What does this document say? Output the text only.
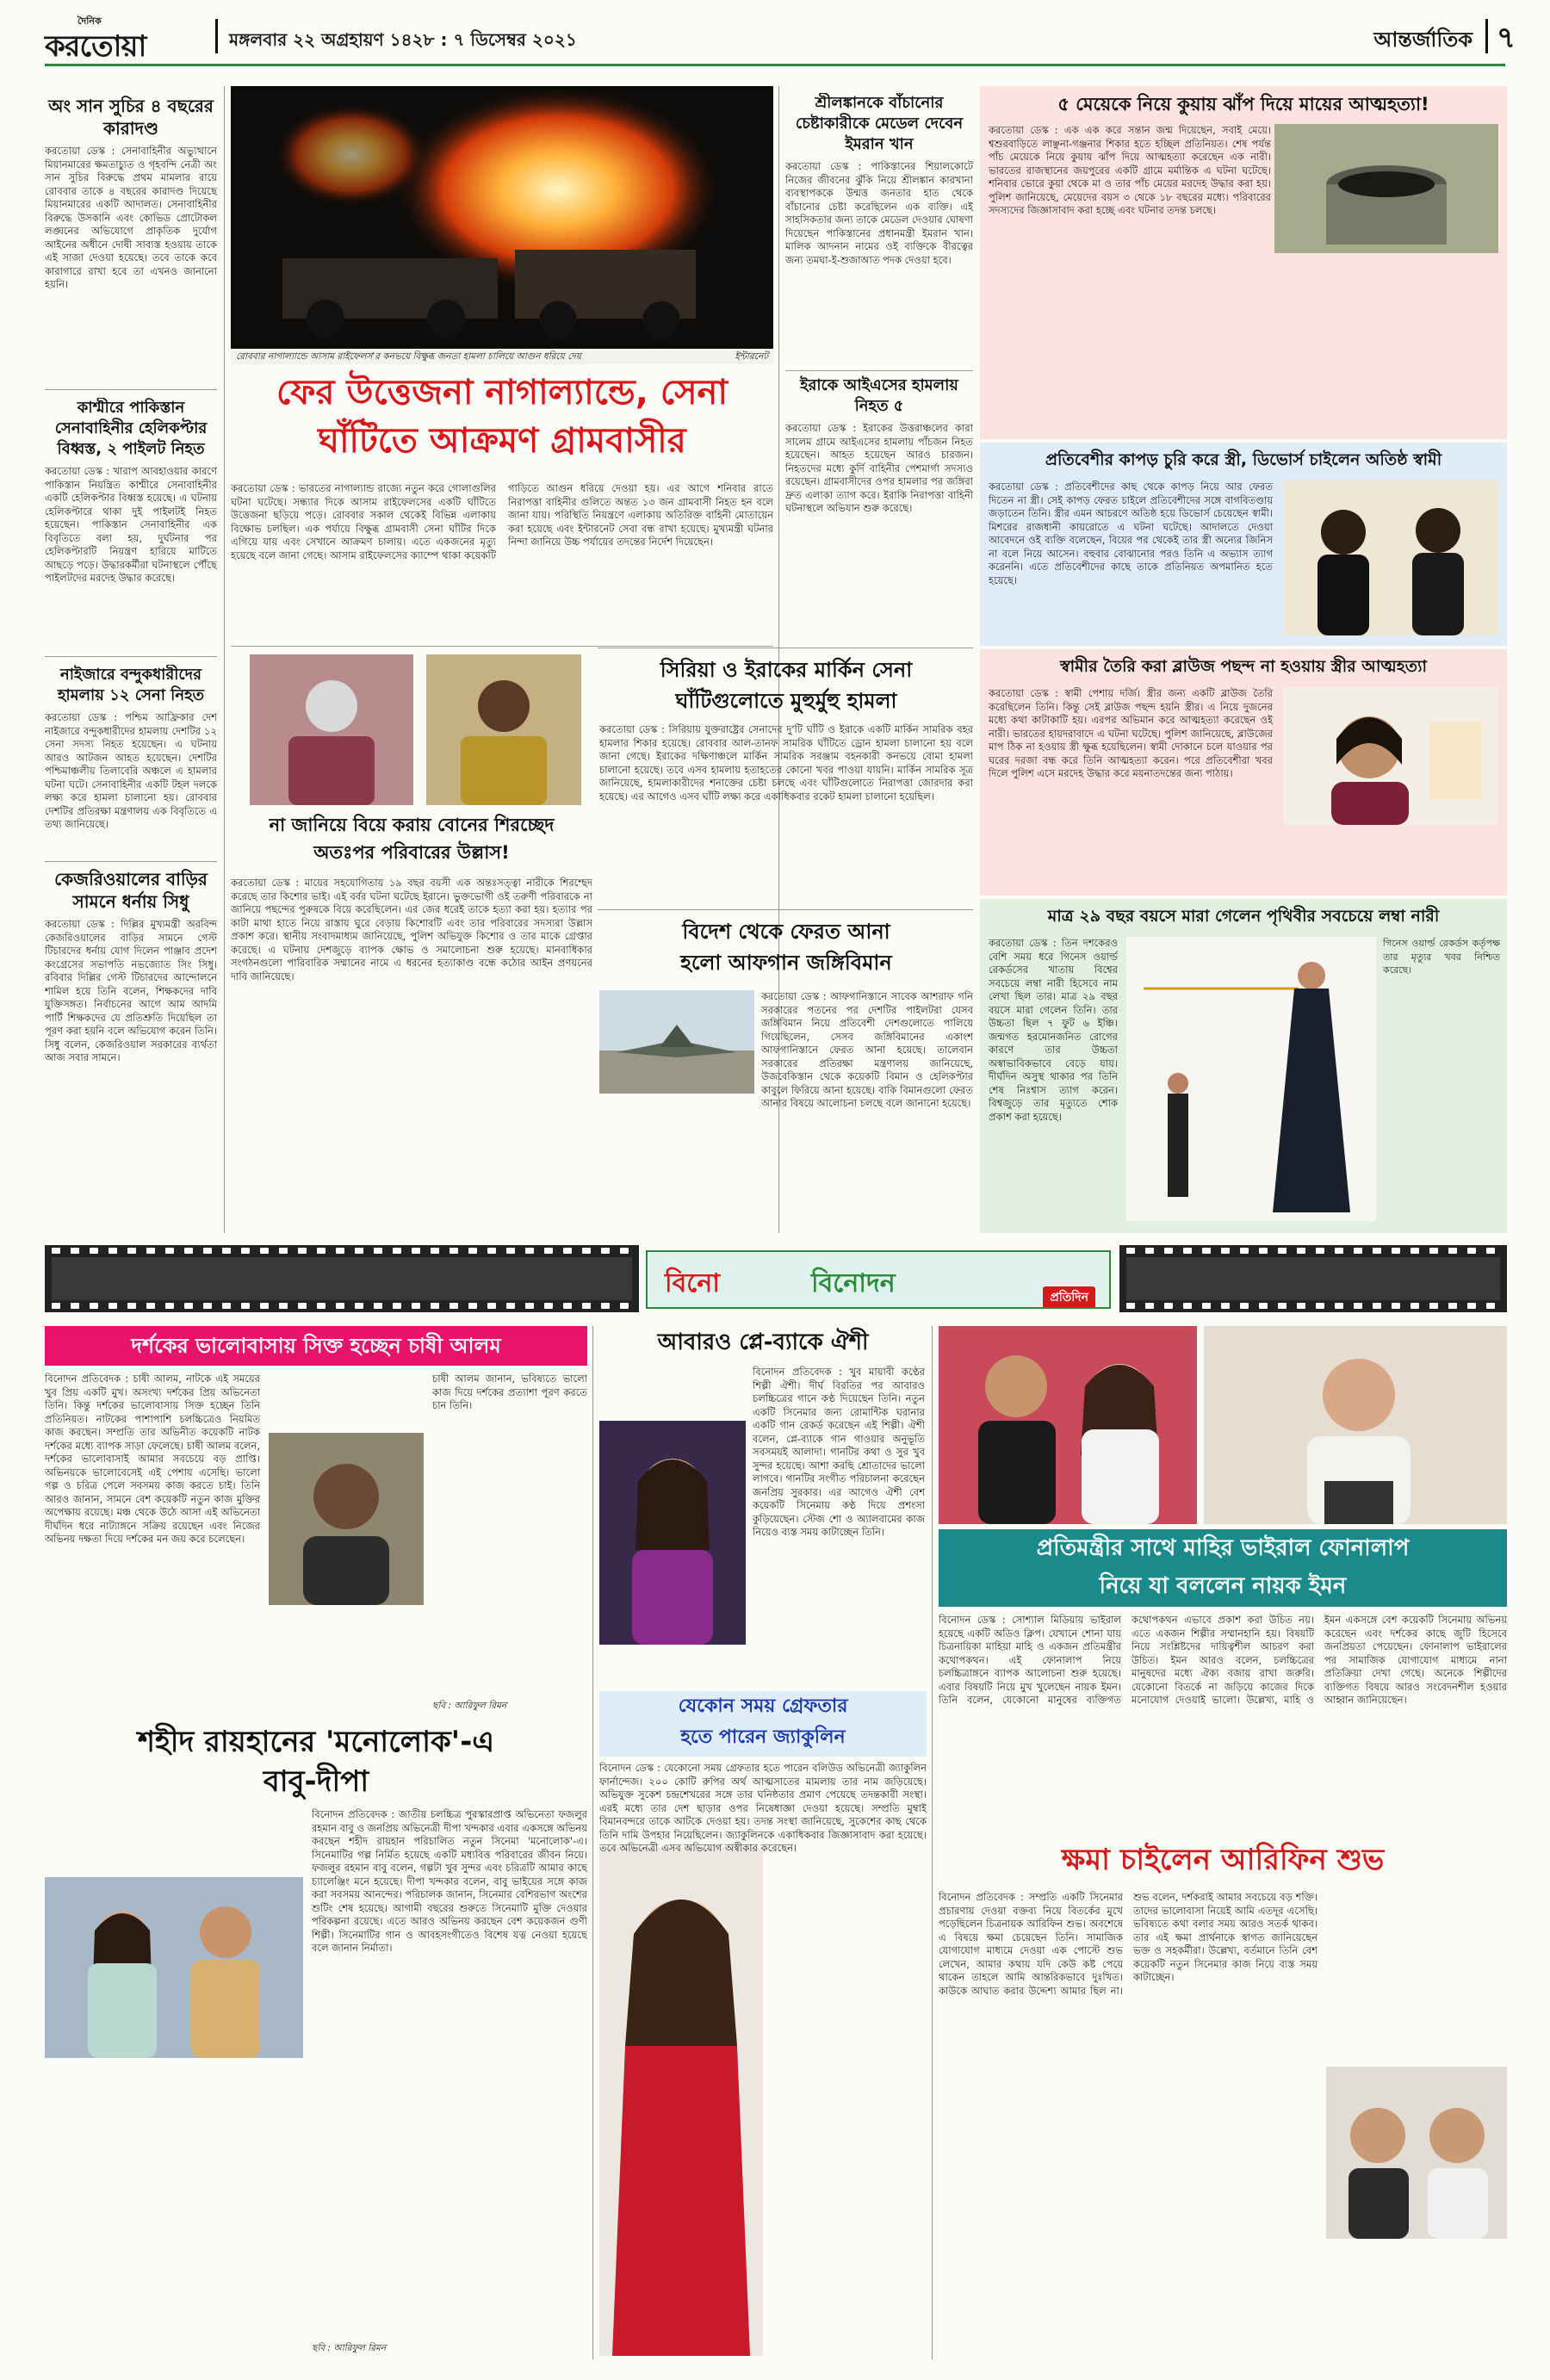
দৈনিক
করতোয়া	মঙ্গলবার ২২ অগ্রহায়ণ ১৪২৮ : ৭ ডিসেম্বর ২০২১	আন্তর্জাতিক ৭
অং সান সুচির ৪ বছরের কারাদণ্ড
করতোয়া ডেস্ক : সেনাবাহিনীর অভ্যুত্থানে মিয়ানমারের ক্ষমতাচ্যুত ও গৃহবন্দি নেত্রী অং সান সুচির বিরুদ্ধে প্রথম মামলার রায়ে রোববার তাকে ৪ বছরের কারাদণ্ড দিয়েছে মিয়ানমারের একটি আদালত। সেনাবাহিনীর বিরুদ্ধে উসকানি এবং কোভিড প্রোটোকল লঙ্ঘনের অভিযোগে প্রাকৃতিক দুর্যোগ আইনের অধীনে দোষী সাব্যস্ত হওয়ায় তাকে এই সাজা দেওয়া হয়েছে। তবে তাকে কবে কারাগারে রাখা হবে তা এখনও জানানো হয়নি।
কাশ্মীরে পাকিস্তান সেনাবাহিনীর হেলিকপ্টার বিধ্বস্ত, ২ পাইলট নিহত
করতোয়া ডেস্ক : খারাপ আবহাওয়ার কারণে পাকিস্তান নিয়ন্ত্রিত কাশ্মীরে সেনাবাহিনীর একটি হেলিকপ্টার বিধ্বস্ত হয়েছে। এ ঘটনায় হেলিকপ্টারে থাকা দুই পাইলটই নিহত হয়েছেন। পাকিস্তান সেনাবাহিনীর এক বিবৃতিতে বলা হয়, দুর্ঘটনার পর হেলিকপ্টারটি নিয়ন্ত্রণ হারিয়ে মাটিতে আছড়ে পড়ে। উদ্ধারকর্মীরা ঘটনাস্থলে পৌঁছে পাইলটদের মরদেহ উদ্ধার করেছে।
নাইজারে বন্দুকধারীদের হামলায় ১২ সেনা নিহত
করতোয়া ডেস্ক : পশ্চিম আফ্রিকার দেশ নাইজারে বন্দুকধারীদের হামলায় দেশটির ১২ সেনা সদস্য নিহত হয়েছেন। এ ঘটনায় আরও আটজন আহত হয়েছেন। দেশটির পশ্চিমাঞ্চলীয় তিলাবেরি অঞ্চলে এ হামলার ঘটনা ঘটে। সেনাবাহিনীর একটি টহল দলকে লক্ষ্য করে হামলা চালানো হয়। রোববার দেশটির প্রতিরক্ষা মন্ত্রণালয় এক বিবৃতিতে এ তথ্য জানিয়েছে।
কেজরিওয়ালের বাড়ির সামনে ধর্নায় সিধু
করতোয়া ডেস্ক : দিল্লির মুখ্যমন্ত্রী অরবিন্দ কেজরিওয়ালের বাড়ির সামনে গেস্ট টিচারদের ধর্নায় যোগ দিলেন পাঞ্জাব প্রদেশ কংগ্রেসের সভাপতি নভজ্যোত সিং সিধু। রবিবার দিল্লির গেস্ট টিচারদের আন্দোলনে শামিল হয়ে তিনি বলেন, শিক্ষকদের দাবি যুক্তিসঙ্গত। নির্বাচনের আগে আম আদমি পার্টি শিক্ষকদের যে প্রতিশ্রুতি দিয়েছিল তা পূরণ করা হয়নি বলে অভিযোগ করেন তিনি। সিধু বলেন, কেজরিওয়াল সরকারের ব্যর্থতা আজ সবার সামনে।
রোববার নাগাল্যান্ডে আসাম রাইফেলস'র কনভয়ে বিক্ষুব্ধ জনতা হামলা চালিয়ে আগুন ধরিয়ে দেয়	ইন্টারনেট
ফের উত্তেজনা নাগাল্যান্ডে, সেনা
ঘাঁটিতে আক্রমণ গ্রামবাসীর
করতোয়া ডেস্ক : ভারতের নাগাল্যান্ড রাজ্যে নতুন করে গোলাগুলির ঘটনা ঘটেছে। সন্ধ্যার দিকে আসাম রাইফেলসের একটি ঘাঁটিতে উত্তেজনা ছড়িয়ে পড়ে। রোববার সকাল থেকেই বিভিন্ন এলাকায় বিক্ষোভ চলছিল। এক পর্যায়ে বিক্ষুব্ধ গ্রামবাসী সেনা ঘাঁটির দিকে এগিয়ে যায় এবং সেখানে আক্রমণ চালায়। এতে একজনের মৃত্যু হয়েছে বলে জানা গেছে। আসাম রাইফেলসের ক্যাম্পে থাকা কয়েকটি গাড়িতে আগুন ধরিয়ে দেওয়া হয়। এর আগে শনিবার রাতে নিরাপত্তা বাহিনীর গুলিতে অন্তত ১৩ জন গ্রামবাসী নিহত হন বলে জানা যায়। পরিস্থিতি নিয়ন্ত্রণে এলাকায় অতিরিক্ত বাহিনী মোতায়েন করা হয়েছে এবং ইন্টারনেট সেবা বন্ধ রাখা হয়েছে। মুখ্যমন্ত্রী ঘটনার নিন্দা জানিয়ে উচ্চ পর্যায়ের তদন্তের নির্দেশ দিয়েছেন।
না জানিয়ে বিয়ে করায় বোনের শিরচ্ছেদ
অতঃপর পরিবারের উল্লাস!
করতোয়া ডেস্ক : মায়ের সহযোগিতায় ১৯ বছর বয়সী এক অন্তঃসত্ত্বা নারীকে শিরশ্ছেদ করেছে তার কিশোর ভাই। এই বর্বর ঘটনা ঘটেছে ইরানে। ভুক্তভোগী ওই তরুণী পরিবারকে না জানিয়ে পছন্দের পুরুষকে বিয়ে করেছিলেন। এর জের ধরেই তাকে হত্যা করা হয়। হত্যার পর কাটা মাথা হাতে নিয়ে রাস্তায় ঘুরে বেড়ায় কিশোরটি এবং তার পরিবারের সদস্যরা উল্লাস প্রকাশ করে। স্থানীয় সংবাদমাধ্যম জানিয়েছে, পুলিশ অভিযুক্ত কিশোর ও তার মাকে গ্রেপ্তার করেছে। এ ঘটনায় দেশজুড়ে ব্যাপক ক্ষোভ ও সমালোচনা শুরু হয়েছে। মানবাধিকার সংগঠনগুলো পারিবারিক সম্মানের নামে এ ধরনের হত্যাকাণ্ড বন্ধে কঠোর আইন প্রণয়নের দাবি জানিয়েছে।
শ্রীলঙ্কানকে বাঁচানোর চেষ্টাকারীকে মেডেল দেবেন ইমরান খান
করতোয়া ডেস্ক : পাকিস্তানের শিয়ালকোটে নিজের জীবনের ঝুঁকি নিয়ে শ্রীলঙ্কান কারখানা ব্যবস্থাপককে উন্মত্ত জনতার হাত থেকে বাঁচানোর চেষ্টা করেছিলেন এক ব্যক্তি। এই সাহসিকতার জন্য তাকে মেডেল দেওয়ার ঘোষণা দিয়েছেন পাকিস্তানের প্রধানমন্ত্রী ইমরান খান। মালিক আদনান নামের ওই ব্যক্তিকে বীরত্বের জন্য তমঘা-ই-শুজাআত পদক দেওয়া হবে।
ইরাকে আইএসের হামলায় নিহত ৫
করতোয়া ডেস্ক : ইরাকের উত্তরাঞ্চলের কারা সালেম গ্রামে আইএসের হামলায় পাঁচজন নিহত হয়েছেন। আহত হয়েছেন আরও চারজন। নিহতদের মধ্যে কুর্দি বাহিনীর পেশমার্গা সদস্যও রয়েছেন। গ্রামবাসীদের ওপর হামলার পর জঙ্গিরা দ্রুত এলাকা ত্যাগ করে। ইরাকি নিরাপত্তা বাহিনী ঘটনাস্থলে অভিযান শুরু করেছে।
সিরিয়া ও ইরাকের মার্কিন সেনা
ঘাঁটিগুলোতে মুহুর্মুহু হামলা
করতোয়া ডেস্ক : সিরিয়ায় যুক্তরাষ্ট্রের সেনাদের দু'টি ঘাঁটি ও ইরাকে একটি মার্কিন সামরিক বহর হামলার শিকার হয়েছে। রোববার আল-তানফ সামরিক ঘাঁটিতে ড্রোন হামলা চালানো হয় বলে জানা গেছে। ইরাকের দক্ষিণাঞ্চলে মার্কিন সামরিক সরঞ্জাম বহনকারী কনভয়ে বোমা হামলা চালানো হয়েছে। তবে এসব হামলায় হতাহতের কোনো খবর পাওয়া যায়নি। মার্কিন সামরিক সূত্র জানিয়েছে, হামলাকারীদের শনাক্তের চেষ্টা চলছে এবং ঘাঁটিগুলোতে নিরাপত্তা জোরদার করা হয়েছে। এর আগেও এসব ঘাঁটি লক্ষ্য করে একাধিকবার রকেট হামলা চালানো হয়েছিল।
বিদেশ থেকে ফেরত আনা
হলো আফগান জঙ্গিবিমান
করতোয়া ডেস্ক : আফগানিস্তানে সাবেক আশরাফ গনি সরকারের পতনের পর দেশটির পাইলটরা যেসব জঙ্গিবিমান নিয়ে প্রতিবেশী দেশগুলোতে পালিয়ে গিয়েছিলেন, সেসব জঙ্গিবিমানের একাংশ আফগানিস্তানে ফেরত আনা হয়েছে। তালেবান সরকারের প্রতিরক্ষা মন্ত্রণালয় জানিয়েছে, উজবেকিস্তান থেকে কয়েকটি বিমান ও হেলিকপ্টার কাবুলে ফিরিয়ে আনা হয়েছে। বাকি বিমানগুলো ফেরত আনার বিষয়ে আলোচনা চলছে বলে জানানো হয়েছে।
৫ মেয়েকে নিয়ে কুয়ায় ঝাঁপ দিয়ে মায়ের আত্মহত্যা!
করতোয়া ডেস্ক : এক এক করে সন্তান জন্ম দিয়েছেন, সবাই মেয়ে। শ্বশুরবাড়িতে লাঞ্ছনা-গঞ্জনার শিকার হতে হচ্ছিল প্রতিনিয়ত। শেষ পর্যন্ত পাঁচ মেয়েকে নিয়ে কুয়ায় ঝাঁপ দিয়ে আত্মহত্যা করেছেন এক নারী। ভারতের রাজস্থানের জয়পুরের একটি গ্রামে মর্মান্তিক এ ঘটনা ঘটেছে। শনিবার ভোরে কুয়া থেকে মা ও তার পাঁচ মেয়ের মরদেহ উদ্ধার করা হয়। পুলিশ জানিয়েছে, মেয়েদের বয়স ৩ থেকে ১৮ বছরের মধ্যে। পরিবারের সদস্যদের জিজ্ঞাসাবাদ করা হচ্ছে এবং ঘটনার তদন্ত চলছে।
প্রতিবেশীর কাপড় চুরি করে স্ত্রী, ডিভোর্স চাইলেন অতিষ্ঠ স্বামী
করতোয়া ডেস্ক : প্রতিবেশীদের কাছ থেকে কাপড় নিয়ে আর ফেরত দিতেন না স্ত্রী। সেই কাপড় ফেরত চাইলে প্রতিবেশীদের সঙ্গে বাগবিতণ্ডায় জড়াতেন তিনি। স্ত্রীর এমন আচরণে অতিষ্ঠ হয়ে ডিভোর্স চেয়েছেন স্বামী। মিশরের রাজধানী কায়রোতে এ ঘটনা ঘটেছে। আদালতে দেওয়া আবেদনে ওই ব্যক্তি বলেছেন, বিয়ের পর থেকেই তার স্ত্রী অন্যের জিনিস না বলে নিয়ে আসেন। বহুবার বোঝানোর পরও তিনি এ অভ্যাস ত্যাগ করেননি। এতে প্রতিবেশীদের কাছে তাকে প্রতিনিয়ত অপমানিত হতে হয়েছে।
স্বামীর তৈরি করা ব্লাউজ পছন্দ না হওয়ায় স্ত্রীর আত্মহত্যা
করতোয়া ডেস্ক : স্বামী পেশায় দর্জি। স্ত্রীর জন্য একটি ব্লাউজ তৈরি করেছিলেন তিনি। কিন্তু সেই ব্লাউজ পছন্দ হয়নি স্ত্রীর। এ নিয়ে দুজনের মধ্যে কথা কাটাকাটি হয়। এরপর অভিমান করে আত্মহত্যা করেছেন ওই নারী। ভারতের হায়দরাবাদে এ ঘটনা ঘটেছে। পুলিশ জানিয়েছে, ব্লাউজের মাপ ঠিক না হওয়ায় স্ত্রী ক্ষুব্ধ হয়েছিলেন। স্বামী দোকানে চলে যাওয়ার পর ঘরের দরজা বন্ধ করে তিনি আত্মহত্যা করেন। পরে প্রতিবেশীরা খবর দিলে পুলিশ এসে মরদেহ উদ্ধার করে ময়নাতদন্তের জন্য পাঠায়।
মাত্র ২৯ বছর বয়সে মারা গেলেন পৃথিবীর সবচেয়ে লম্বা নারী
করতোয়া ডেস্ক : তিন দশকেরও বেশি সময় ধরে গিনেস ওয়ার্ল্ড রেকর্ডসের খাতায় বিশ্বের সবচেয়ে লম্বা নারী হিসেবে নাম লেখা ছিল তার। মাত্র ২৯ বছর বয়সে মারা গেলেন তিনি। তার উচ্চতা ছিল ৭ ফুট ৬ ইঞ্চি। জন্মগত হরমোনজনিত রোগের কারণে তার উচ্চতা অস্বাভাবিকভাবে বেড়ে যায়। দীর্ঘদিন অসুস্থ থাকার পর তিনি শেষ নিঃশ্বাস ত্যাগ করেন। বিশ্বজুড়ে তার মৃত্যুতে শোক প্রকাশ করা হয়েছে।
গিনেস ওয়ার্ল্ড রেকর্ডস কর্তৃপক্ষ তার মৃত্যুর খবর নিশ্চিত করেছে।
বিনো	বিনোদন	প্রতিদিন
দর্শকের ভালোবাসায় সিক্ত হচ্ছেন চাষী আলম
বিনোদন প্রতিবেদক : চাষী আলম, নাটকে এই সময়ের খুব প্রিয় একটি মুখ। অসংখ্য দর্শকের প্রিয় অভিনেতা তিনি। কিন্তু দর্শকের ভালোবাসায় সিক্ত হচ্ছেন তিনি প্রতিনিয়ত। নাটকের পাশাপাশি চলচ্চিত্রেও নিয়মিত কাজ করছেন। সম্প্রতি তার অভিনীত কয়েকটি নাটক দর্শকের মধ্যে ব্যাপক সাড়া ফেলেছে। চাষী আলম বলেন, দর্শকের ভালোবাসাই আমার সবচেয়ে বড় প্রাপ্তি। অভিনয়কে ভালোবেসেই এই পেশায় এসেছি। ভালো গল্প ও চরিত্র পেলে সবসময় কাজ করতে চাই। তিনি আরও জানান, সামনে বেশ কয়েকটি নতুন কাজ মুক্তির অপেক্ষায় রয়েছে। মঞ্চ থেকে উঠে আসা এই অভিনেতা দীর্ঘদিন ধরে নাট্যাঙ্গনে সক্রিয় রয়েছেন এবং নিজের অভিনয় দক্ষতা দিয়ে দর্শকের মন জয় করে চলেছেন।
চাষী আলম জানান, ভবিষ্যতে ভালো কাজ দিয়ে দর্শকের প্রত্যাশা পূরণ করতে চান তিনি।
ছবি : আরিফুল রিমন
আবারও প্লে-ব্যাকে ঐশী
বিনোদন প্রতিবেদক : খুব মায়াবী কণ্ঠের শিল্পী ঐশী। দীর্ঘ বিরতির পর আবারও চলচ্চিত্রের গানে কণ্ঠ দিয়েছেন তিনি। নতুন একটি সিনেমার জন্য রোমান্টিক ঘরানার একটি গান রেকর্ড করেছেন এই শিল্পী। ঐশী বলেন, প্লে-ব্যাকে গান গাওয়ার অনুভূতি সবসময়ই আলাদা। গানটির কথা ও সুর খুব সুন্দর হয়েছে। আশা করছি শ্রোতাদের ভালো লাগবে। গানটির সংগীত পরিচালনা করেছেন জনপ্রিয় সুরকার। এর আগেও ঐশী বেশ কয়েকটি সিনেমায় কণ্ঠ দিয়ে প্রশংসা কুড়িয়েছেন। স্টেজ শো ও অ্যালবামের কাজ নিয়েও ব্যস্ত সময় কাটাচ্ছেন তিনি।
যেকোন সময় গ্রেফতার
হতে পারেন জ্যাকুলিন
বিনোদন ডেস্ক : যেকোনো সময় গ্রেফতার হতে পারেন বলিউড অভিনেত্রী জ্যাকুলিন ফার্নান্দেজ। ২০০ কোটি রুপির অর্থ আত্মসাতের মামলায় তার নাম জড়িয়েছে। অভিযুক্ত সুকেশ চন্দ্রশেখরের সঙ্গে তার ঘনিষ্ঠতার প্রমাণ পেয়েছে তদন্তকারী সংস্থা। এরই মধ্যে তার দেশ ছাড়ার ওপর নিষেধাজ্ঞা দেওয়া হয়েছে। সম্প্রতি মুম্বাই বিমানবন্দরে তাকে আটকে দেওয়া হয়। তদন্ত সংস্থা জানিয়েছে, সুকেশের কাছ থেকে তিনি দামি উপহার নিয়েছিলেন। জ্যাকুলিনকে একাধিকবার জিজ্ঞাসাবাদ করা হয়েছে। তবে অভিনেত্রী এসব অভিযোগ অস্বীকার করেছেন।
প্রতিমন্ত্রীর সাথে মাহির ভাইরাল ফোনালাপ
নিয়ে যা বললেন নায়ক ইমন
বিনোদন ডেস্ক : সোশ্যাল মিডিয়ায় ভাইরাল হয়েছে একটি অডিও ক্লিপ। যেখানে শোনা যায় চিত্রনায়িকা মাহিয়া মাহি ও একজন প্রতিমন্ত্রীর কথোপকথন। এই ফোনালাপ নিয়ে চলচ্চিত্রাঙ্গনে ব্যাপক আলোচনা শুরু হয়েছে। এবার বিষয়টি নিয়ে মুখ খুলেছেন নায়ক ইমন। তিনি বলেন, যেকোনো মানুষের ব্যক্তিগত কথোপকথন এভাবে প্রকাশ করা উচিত নয়। এতে একজন শিল্পীর সম্মানহানি হয়। বিষয়টি নিয়ে সংশ্লিষ্টদের দায়িত্বশীল আচরণ করা উচিত। ইমন আরও বলেন, চলচ্চিত্রের মানুষদের মধ্যে ঐক্য বজায় রাখা জরুরি। যেকোনো বিতর্কে না জড়িয়ে কাজের দিকে মনোযোগ দেওয়াই ভালো। উল্লেখ্য, মাহি ও ইমন একসঙ্গে বেশ কয়েকটি সিনেমায় অভিনয় করেছেন এবং দর্শকের কাছে জুটি হিসেবে জনপ্রিয়তা পেয়েছেন। ফোনালাপ ভাইরালের পর সামাজিক যোগাযোগ মাধ্যমে নানা প্রতিক্রিয়া দেখা গেছে। অনেকে শিল্পীদের ব্যক্তিগত বিষয়ে আরও সংবেদনশীল হওয়ার আহ্বান জানিয়েছেন।
ক্ষমা চাইলেন আরিফিন শুভ
বিনোদন প্রতিবেদক : সম্প্রতি একটি সিনেমার প্রচারণায় দেওয়া বক্তব্য নিয়ে বিতর্কের মুখে পড়েছিলেন চিত্রনায়ক আরিফিন শুভ। অবশেষে এ বিষয়ে ক্ষমা চেয়েছেন তিনি। সামাজিক যোগাযোগ মাধ্যমে দেওয়া এক পোস্টে শুভ লেখেন, আমার কথায় যদি কেউ কষ্ট পেয়ে থাকেন তাহলে আমি আন্তরিকভাবে দুঃখিত। কাউকে আঘাত করার উদ্দেশ্য আমার ছিল না। শুভ বলেন, দর্শকরাই আমার সবচেয়ে বড় শক্তি। তাদের ভালোবাসা নিয়েই আমি এতদূর এসেছি। ভবিষ্যতে কথা বলার সময় আরও সতর্ক থাকব। তার এই ক্ষমা প্রার্থনাকে স্বাগত জানিয়েছেন ভক্ত ও সহকর্মীরা। উল্লেখ্য, বর্তমানে তিনি বেশ কয়েকটি নতুন সিনেমার কাজ নিয়ে ব্যস্ত সময় কাটাচ্ছেন।
শহীদ রায়হানের 'মনোলোক'-এ
বাবু-দীপা
বিনোদন প্রতিবেদক : জাতীয় চলচ্চিত্র পুরস্কারপ্রাপ্ত অভিনেতা ফজলুর রহমান বাবু ও জনপ্রিয় অভিনেত্রী দীপা খন্দকার এবার একসঙ্গে অভিনয় করছেন শহীদ রায়হান পরিচালিত নতুন সিনেমা 'মনোলোক'-এ। সিনেমাটির গল্প নির্মিত হয়েছে একটি মধ্যবিত্ত পরিবারের জীবন নিয়ে। ফজলুর রহমান বাবু বলেন, গল্পটা খুব সুন্দর এবং চরিত্রটি আমার কাছে চ্যালেঞ্জিং মনে হয়েছে। দীপা খন্দকার বলেন, বাবু ভাইয়ের সঙ্গে কাজ করা সবসময় আনন্দের। পরিচালক জানান, সিনেমার বেশিরভাগ অংশের শুটিং শেষ হয়েছে। আগামী বছরের শুরুতে সিনেমাটি মুক্তি দেওয়ার পরিকল্পনা রয়েছে। এতে আরও অভিনয় করছেন বেশ কয়েকজন গুণী শিল্পী। সিনেমাটির গান ও আবহসংগীতেও বিশেষ যত্ন নেওয়া হয়েছে বলে জানান নির্মাতা।
ছবি : আরিফুল রিমন
